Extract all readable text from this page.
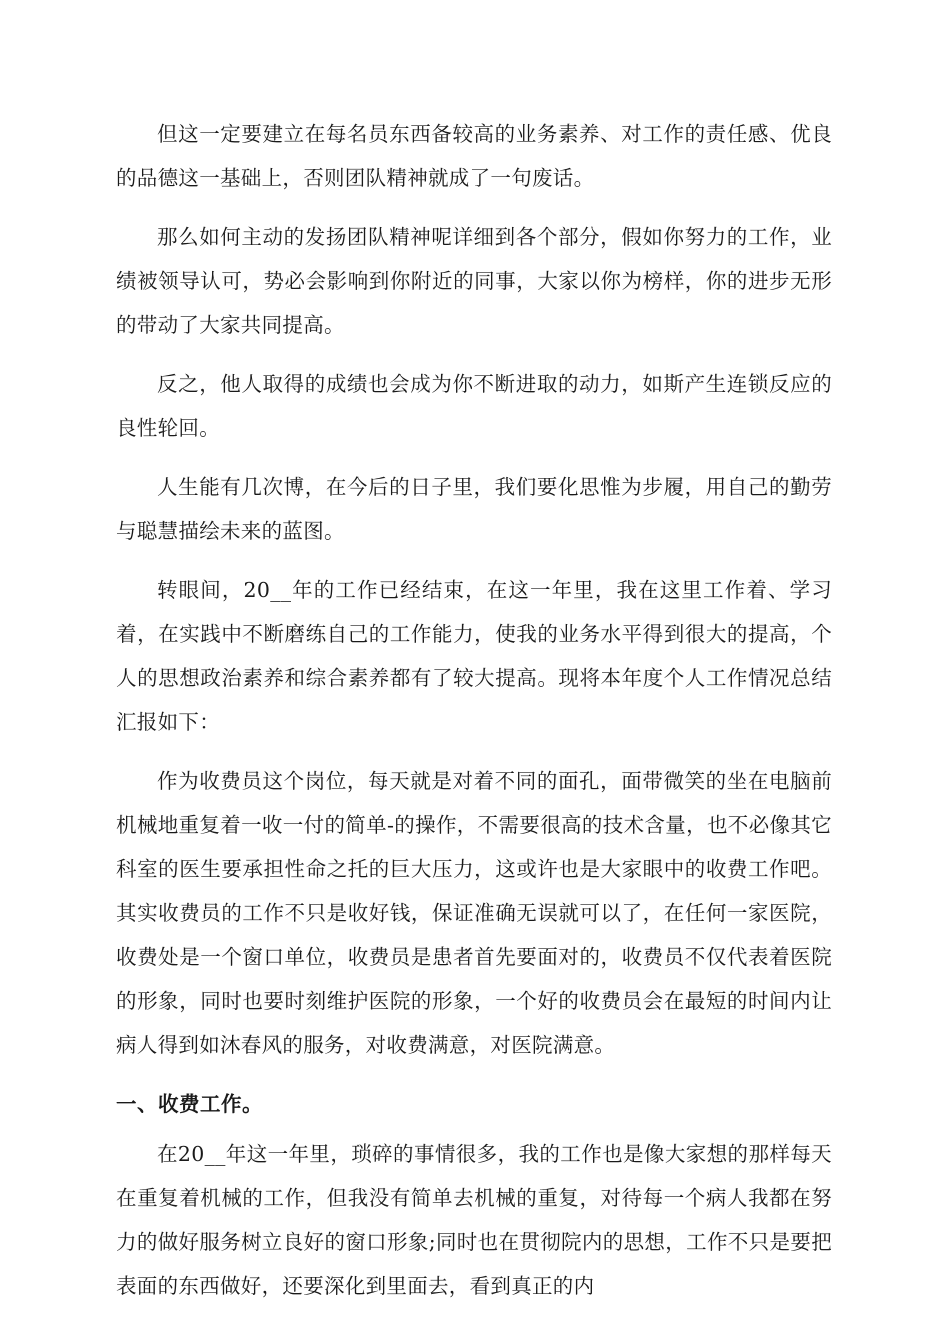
但这一定要建立在每名员东西备较高的业务素养、对工作的责任感、优良的品德这一基础上，否则团队精神就成了一句废话。

那么如何主动的发扬团队精神呢详细到各个部分，假如你努力的工作，业绩被领导认可，势必会影响到你附近的同事，大家以你为榜样，你的进步无形的带动了大家共同提高。

反之，他人取得的成绩也会成为你不断进取的动力，如斯产生连锁反应的良性轮回。

人生能有几次博，在今后的日子里，我们要化思惟为步履，用自己的勤劳与聪慧描绘未来的蓝图。

转眼间，20__年的工作已经结束，在这一年里，我在这里工作着、学习着，在实践中不断磨练自己的工作能力，使我的业务水平得到很大的提高，个人的思想政治素养和综合素养都有了较大提高。现将本年度个人工作情况总结汇报如下：

作为收费员这个岗位，每天就是对着不同的面孔，面带微笑的坐在电脑前机械地重复着一收一付的简单-的操作，不需要很高的技术含量，也不必像其它科室的医生要承担性命之托的巨大压力，这或许也是大家眼中的收费工作吧。其实收费员的工作不只是收好钱，保证准确无误就可以了，在任何一家医院，收费处是一个窗口单位，收费员是患者首先要面对的，收费员不仅代表着医院的形象，同时也要时刻维护医院的形象，一个好的收费员会在最短的时间内让病人得到如沐春风的服务，对收费满意，对医院满意。

一、收费工作。

在20__年这一年里，琐碎的事情很多，我的工作也是像大家想的那样每天在重复着机械的工作，但我没有简单去机械的重复，对待每一个病人我都在努力的做好服务树立良好的窗口形象;同时也在贯彻院内的思想，工作不只是要把表面的东西做好，还要深化到里面去，看到真正的内
